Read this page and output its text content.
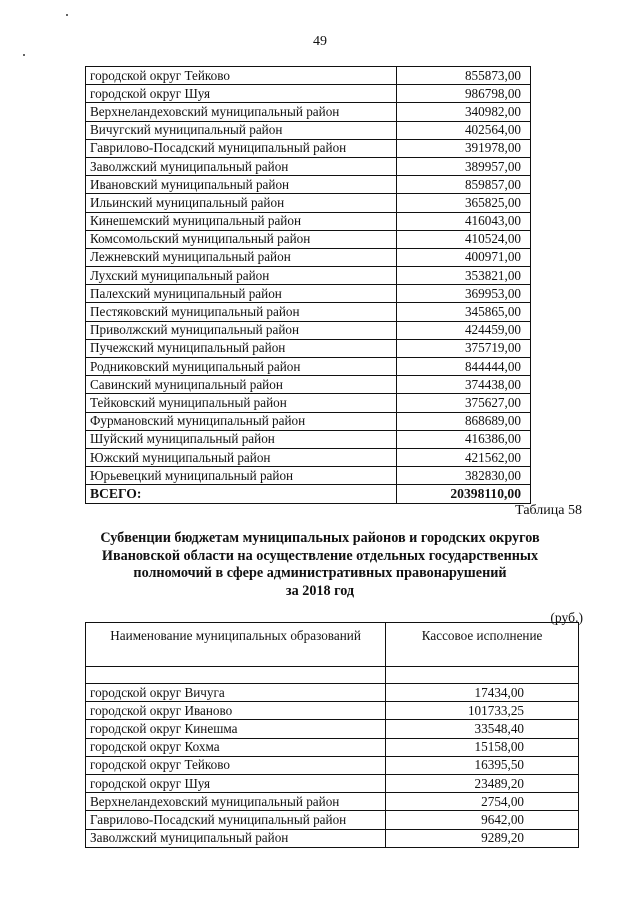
49
городской округ Тейково	855873,00
городской округ Шуя	986798,00
Верхнеландеховский муниципальный район	340982,00
Вичугский муниципальный район	402564,00
Гаврилово-Посадский муниципальный район	391978,00
Заволжский муниципальный район	389957,00
Ивановский муниципальный район	859857,00
Ильинский муниципальный район	365825,00
Кинешемский муниципальный район	416043,00
Комсомольский муниципальный район	410524,00
Лежневский муниципальный район	400971,00
Лухский муниципальный район	353821,00
Палехский муниципальный район	369953,00
Пестяковский муниципальный район	345865,00
Приволжский муниципальный район	424459,00
Пучежский муниципальный район	375719,00
Родниковский муниципальный район	844444,00
Савинский муниципальный район	374438,00
Тейковский муниципальный район	375627,00
Фурмановский муниципальный район	868689,00
Шуйский муниципальный район	416386,00
Южский муниципальный район	421562,00
Юрьевецкий муниципальный район	382830,00
ВСЕГО:	20398110,00
Таблица 58
Субвенции бюджетам муниципальных районов и городских округов
Ивановской области на осуществление отдельных государственных
полномочий в сфере административных правонарушений
за 2018 год
(руб.)
Наименование муниципальных образований	Кассовое исполнение

городской округ Вичуга	17434,00
городской округ Иваново	101733,25
городской округ Кинешма	33548,40
городской округ Кохма	15158,00
городской округ Тейково	16395,50
городской округ Шуя	23489,20
Верхнеландеховский муниципальный район	2754,00
Гаврилово-Посадский муниципальный район	9642,00
Заволжский муниципальный район	9289,20
